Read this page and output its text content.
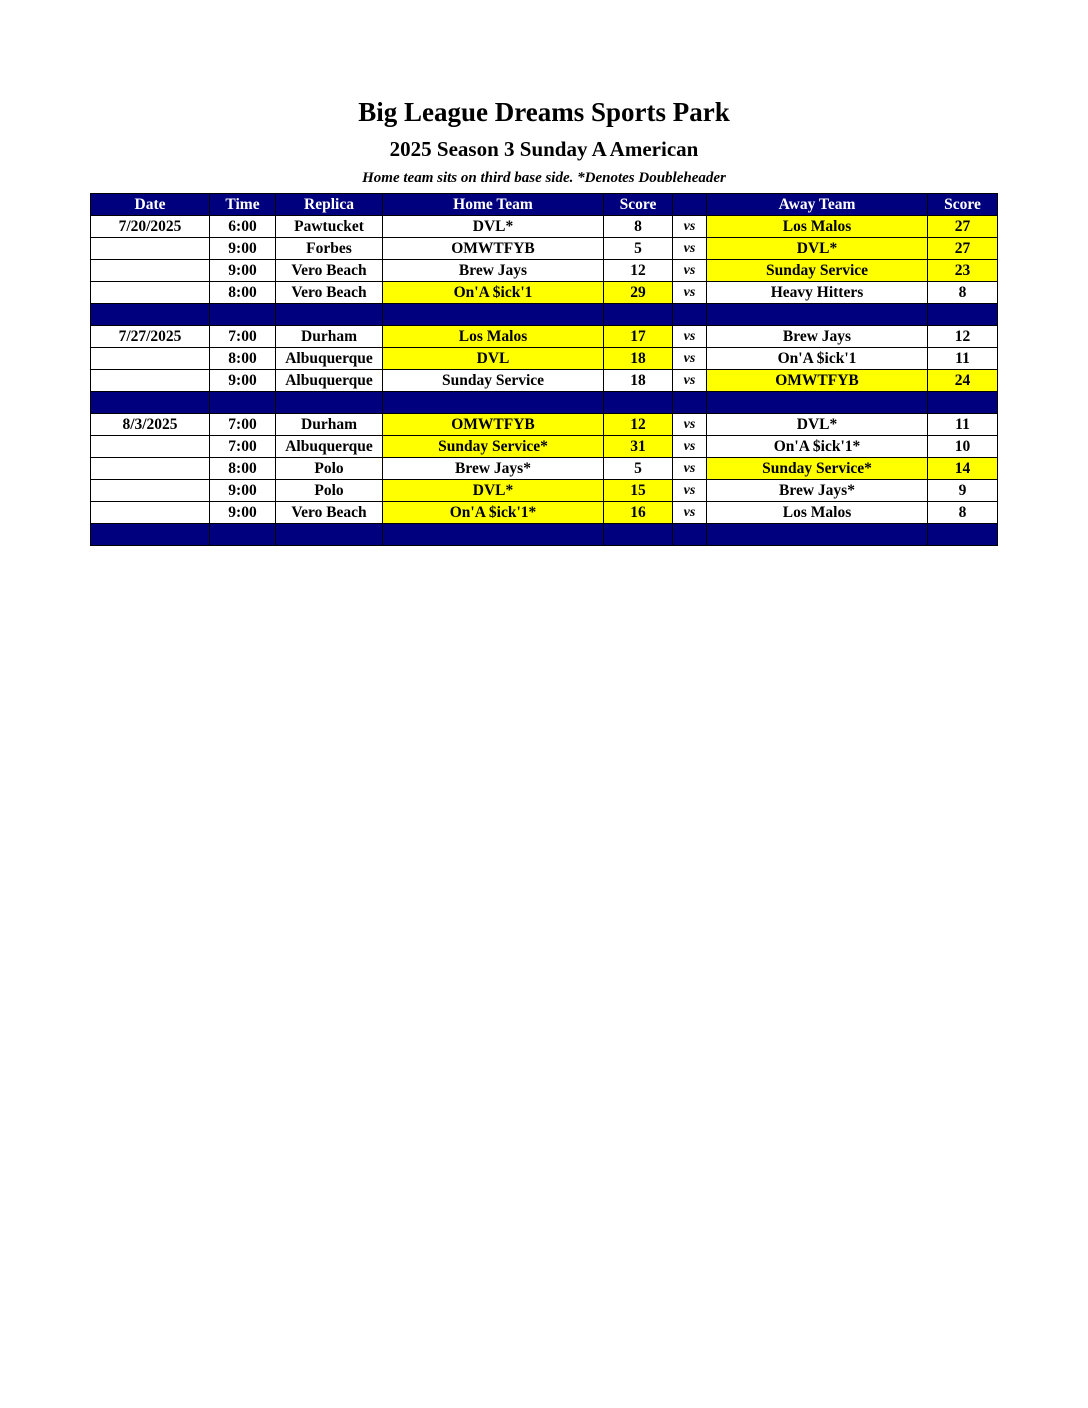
Big League Dreams Sports Park
2025 Season 3 Sunday A American
Home team sits on third base side. *Denotes Doubleheader
Date	Time	Replica	Home Team	Score		Away Team	Score
7/20/2025	6:00	Pawtucket	DVL*	8	vs	Los Malos	27
	9:00	Forbes	OMWTFYB	5	vs	DVL*	27
	9:00	Vero Beach	Brew Jays	12	vs	Sunday Service	23
	8:00	Vero Beach	On'A $ick'1	29	vs	Heavy Hitters	8

7/27/2025	7:00	Durham	Los Malos	17	vs	Brew Jays	12
	8:00	Albuquerque	DVL	18	vs	On'A $ick'1	11
	9:00	Albuquerque	Sunday Service	18	vs	OMWTFYB	24

8/3/2025	7:00	Durham	OMWTFYB	12	vs	DVL*	11
	7:00	Albuquerque	Sunday Service*	31	vs	On'A $ick'1*	10
	8:00	Polo	Brew Jays*	5	vs	Sunday Service*	14
	9:00	Polo	DVL*	15	vs	Brew Jays*	9
	9:00	Vero Beach	On'A $ick'1*	16	vs	Los Malos	8
